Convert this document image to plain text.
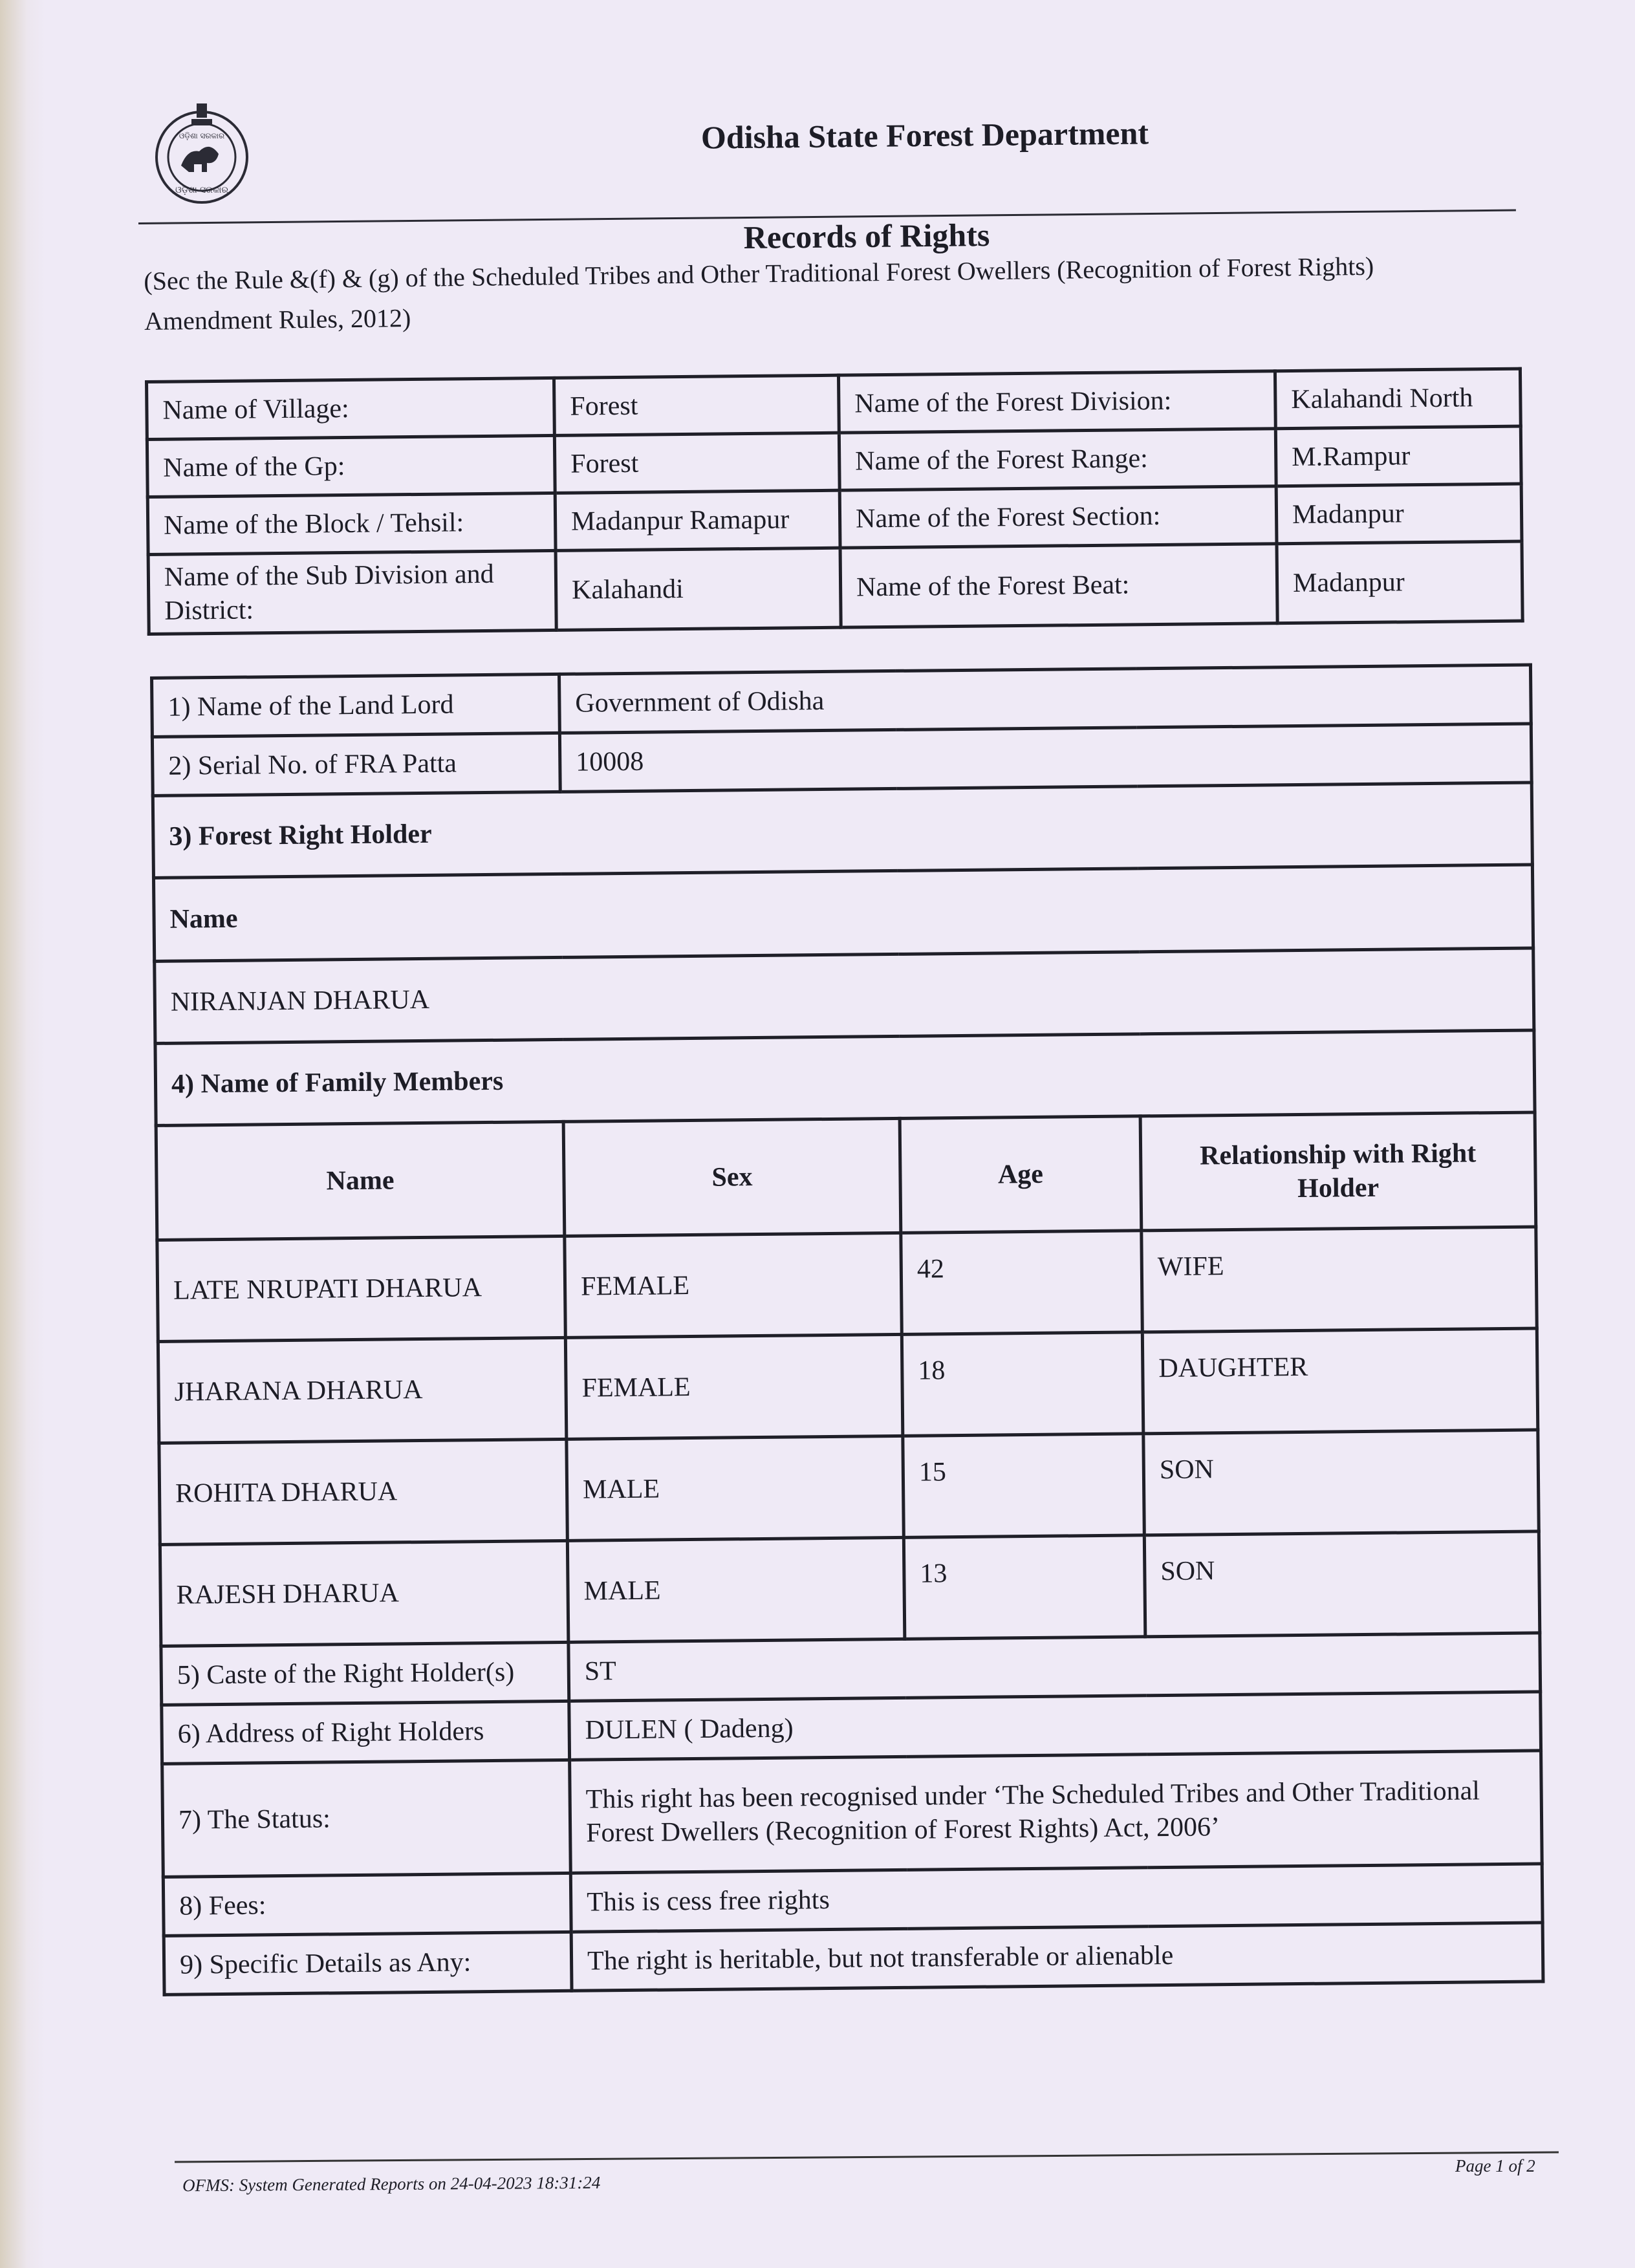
ଓଡ଼ିଶା ସରକାର
ଓଡ଼ିଶା ସରକାର	Odisha State Forest Department
Records of Rights
(Sec the Rule &(f) & (g) of the Scheduled Tribes and Other Traditional Forest Owellers (Recognition of Forest Rights) Amendment Rules, 2012)
Name of Village:	Forest	Name of the Forest Division:	Kalahandi North
Name of the Gp:	Forest	Name of the Forest Range:	M.Rampur
Name of the Block / Tehsil:	Madanpur Ramapur	Name of the Forest Section:	Madanpur
Name of the Sub Division and District:	Kalahandi	Name of the Forest Beat:	Madanpur
1) Name of the Land Lord	Government of Odisha		
2) Serial No. of FRA Patta	10008		
3) Forest Right Holder			
Name			
NIRANJAN DHARUA			
4) Name of Family Members			
Name	Sex	Age	Relationship with Right Holder
LATE NRUPATI DHARUA	FEMALE	42	WIFE
JHARANA DHARUA	FEMALE	18	DAUGHTER
ROHITA DHARUA	MALE	15	SON
RAJESH DHARUA	MALE	13	SON
5) Caste of the Right Holder(s)	ST		
6) Address of Right Holders	DULEN ( Dadeng)		
7) The Status:	This right has been recognised under ‘The Scheduled Tribes and Other Traditional
Forest Dwellers (Recognition of Forest Rights) Act, 2006’		

8) Fees:	This is cess free rights		
9) Specific Details as Any:	The right is heritable, but not transferable or alienable		
OFMS: System Generated Reports on 24-04-2023 18:31:24
Page 1 of 2
